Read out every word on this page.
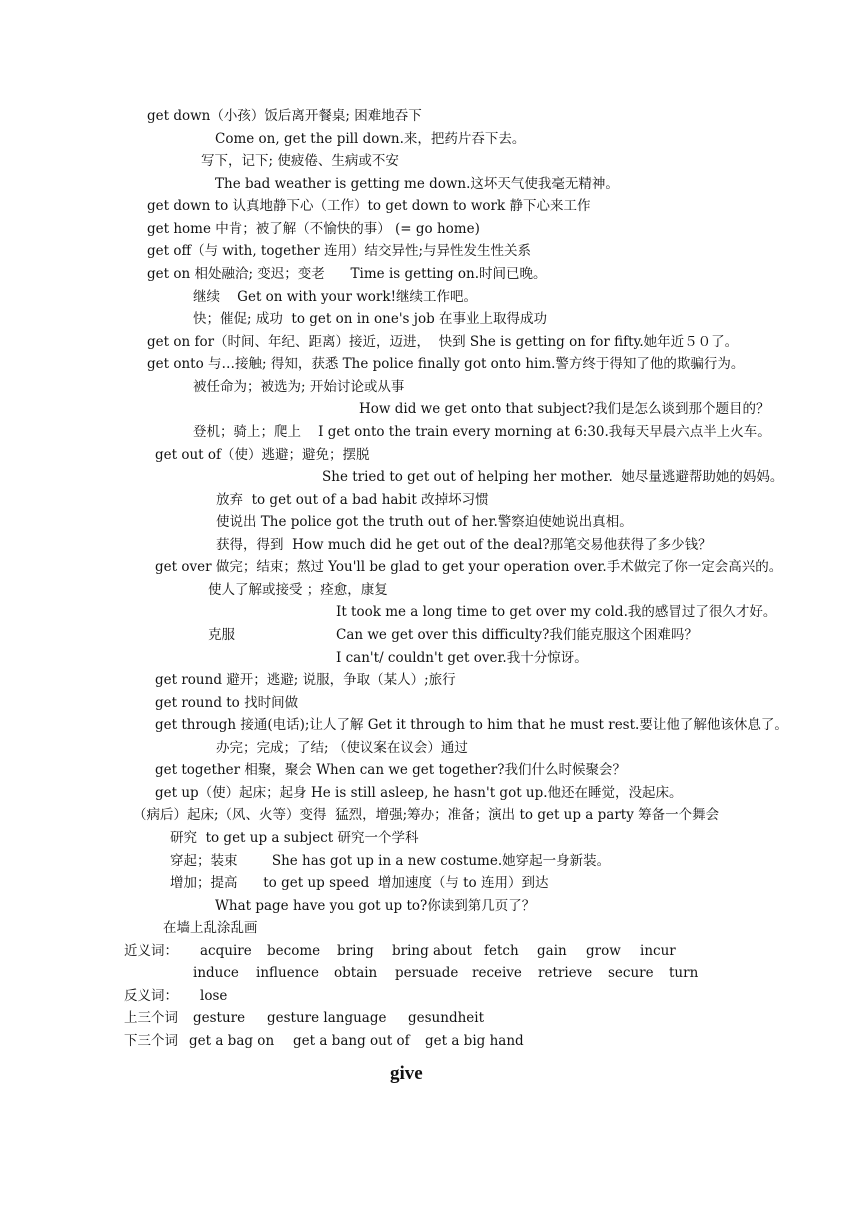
get down（小孩）饭后离开餐桌; 困难地吞下
Come on, get the pill down.来，把药片吞下去。
写下，记下; 使疲倦、生病或不安
The bad weather is getting me down.这坏天气使我毫无精神。
get down to 认真地静下心（工作）to get down to work 静下心来工作
get home 中肯；被了解（不愉快的事） (= go home)
get off（与 with, together 连用）结交异性;与异性发生性关系
get on 相处融洽; 变迟；变老      Time is getting on.时间已晚。
继续    Get on with your work!继续工作吧。
快；催促; 成功  to get on in one's job 在事业上取得成功
get on for（时间、年纪、距离）接近，迈进，  快到 She is getting on for fifty.她年近５０了。
get onto 与…接触; 得知，获悉 The police finally got onto him.警方终于得知了他的欺骗行为。
被任命为；被选为; 开始讨论或从事
How did we get onto that subject?我们是怎么谈到那个题目的？
登机；骑上；爬上    I get onto the train every morning at 6:30.我每天早晨六点半上火车。
get out of（使）逃避；避免；摆脱
She tried to get out of helping her mother.  她尽量逃避帮助她的妈妈。
放弃  to get out of a bad habit 改掉坏习惯
使说出 The police got the truth out of her.警察迫使她说出真相。
获得，得到  How much did he get out of the deal?那笔交易他获得了多少钱？
get over 做完；结束；熬过 You'll be glad to get your operation over.手术做完了你一定会高兴的。
使人了解或接受 ；痊愈，康复
It took me a long time to get over my cold.我的感冒过了很久才好。
克服	Can we get over this difficulty?我们能克服这个困难吗？
I can't/ couldn't get over.我十分惊讶。
get round 避开；逃避; 说服，争取（某人）;旅行
get round to 找时间做
get through 接通(电话);让人了解 Get it through to him that he must rest.要让他了解他该休息了。
办完；完成；了结; （使议案在议会）通过
get together 相聚，聚会 When can we get together?我们什么时候聚会？
get up（使）起床；起身 He is still asleep, he hasn't got up.他还在睡觉，没起床。
（病后）起床;（风、火等）变得  猛烈，增强;筹办；准备；演出 to get up a party 筹备一个舞会
研究  to get up a subject 研究一个学科
穿起；装束        She has got up in a new costume.她穿起一身新装。
增加；提高      to get up speed  增加速度（与 to 连用）到达
What page have you got up to?你读到第几页了？
在墙上乱涂乱画
近义词： acquire become bring bring about fetch gain grow incur
induce influence obtain persuade receive retrieve secure turn
反义词： lose
上三个词 gesture gesture language gesundheit
下三个词 get a bag on get a bang out of get a big hand
give
